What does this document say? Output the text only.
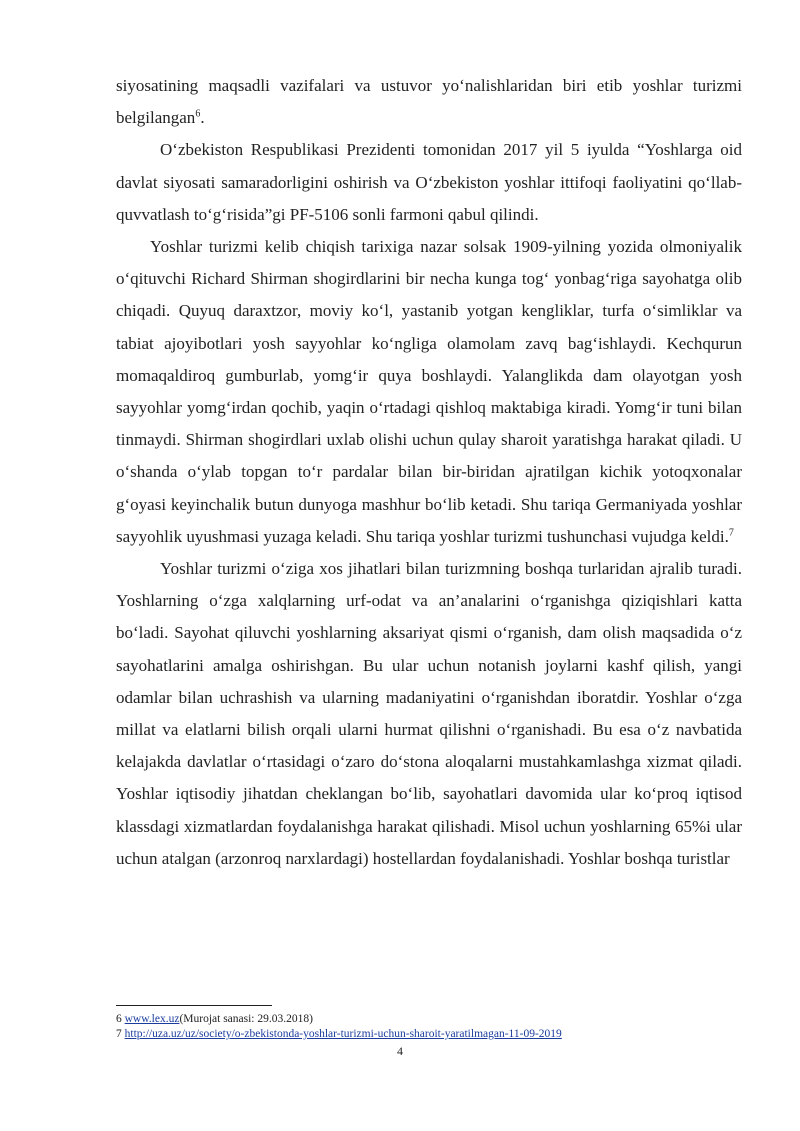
siyosatining maqsadli vazifalari va ustuvor yo‘nalishlaridan biri etib yoshlar turizmi belgilangan$^6$.

O‘zbekiston Respublikasi Prezidenti tomonidan 2017 yil 5 iyulda “Yoshlarga oid davlat siyosati samaradorligini oshirish va O‘zbekiston yoshlar ittifoqi faoliyatini qo‘llab-quvvatlash to‘g‘risida”gi PF-5106 sonli farmoni qabul qilindi.

Yoshlar turizmi kelib chiqish tarixiga nazar solsak 1909-yilning yozida olmoniyalik o‘qituvchi Richard Shirman shogirdlarini bir necha kunga tog‘ yonbag‘riga sayohatga olib chiqadi. Quyuq daraxtzor, moviy ko‘l, yastanib yotgan kengliklar, turfa o‘simliklar va tabiat ajoyibotlari yosh sayyohlar ko‘ngliga olamolam zavq bag‘ishlaydi. Kechqurun momaqaldiroq gumburlab, yomg‘ir quya boshlaydi. Yalanglikda dam olayotgan yosh sayyohlar yomg‘irdan qochib, yaqin o‘rtadagi qishloq maktabiga kiradi. Yomg‘ir tuni bilan tinmaydi. Shirman shogirdlari uxlab olishi uchun qulay sharoit yaratishga harakat qiladi. U o‘shanda o‘ylab topgan to‘r pardalar bilan bir-biridan ajratilgan kichik yotoqxonalar g‘oyasi keyinchalik butun dunyoga mashhur bo‘lib ketadi. Shu tariqa Germaniyada yoshlar sayyohlik uyushmasi yuzaga keladi. Shu tariqa yoshlar turizmi tushunchasi vujudga keldi.$^7$

Yoshlar turizmi o‘ziga xos jihatlari bilan turizmning boshqa turlaridan ajralib turadi. Yoshlarning o‘zga xalqlarning urf-odat va an’analarini o‘rganishga qiziqishlari katta bo‘ladi. Sayohat qiluvchi yoshlarning aksariyat qismi o‘rganish, dam olish maqsadida o‘z sayohatlarini amalga oshirishgan. Bu ular uchun notanish joylarni kashf qilish, yangi odamlar bilan uchrashish va ularning madaniyatini o‘rganishdan iboratdir. Yoshlar o‘zga millat va elatlarni bilish orqali ularni hurmat qilishni o‘rganishadi. Bu esa o‘z navbatida kelajakda davlatlar o‘rtasidagi o‘zaro do‘stona aloqalarni mustahkamlashga xizmat qiladi. Yoshlar iqtisodiy jihatdan cheklangan bo‘lib, sayohatlari davomida ular ko‘proq iqtisod klassdagi xizmatlardan foydalanishga harakat qilishadi. Misol uchun yoshlarning 65%i ular uchun atalgan (arzonroq narxlardagi) hostellardan foydalanishadi. Yoshlar boshqa turistlar

6 www.lex.uz(Murojat sanasi: 29.03.2018)
7 http://uza.uz/uz/society/o-zbekistonda-yoshlar-turizmi-uchun-sharoit-yaratilmagan-11-09-2019
4
